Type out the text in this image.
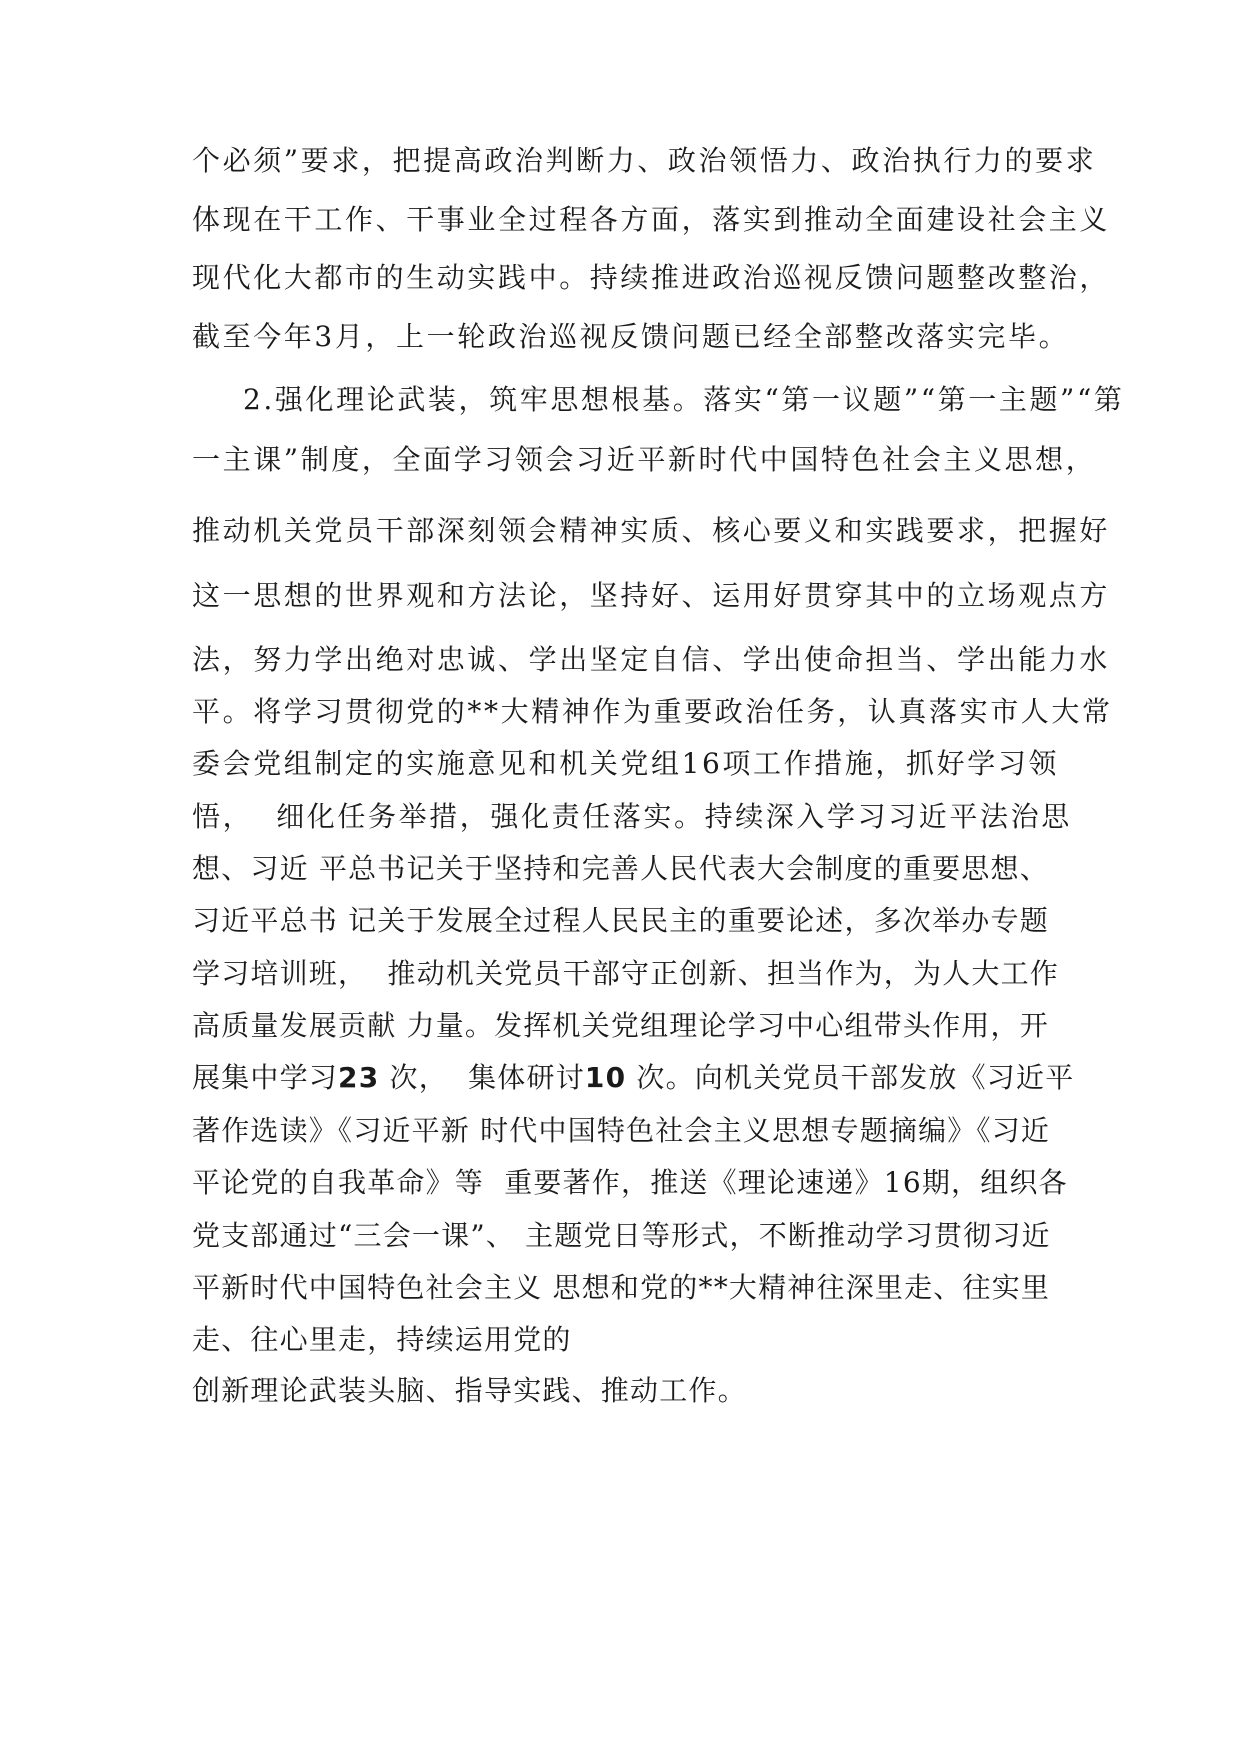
个必须”要求，把提高政治判断力、政治领悟力、政治执行力的要求

体现在干工作、干事业全过程各方面，落实到推动全面建设社会主义

现代化大都市的生动实践中。持续推进政治巡视反馈问题整改整治，

截至今年3月，上一轮政治巡视反馈问题已经全部整改落实完毕。

2.强化理论武装，筑牢思想根基。落实“第一议题”“第一主题”“第

一主课”制度，全面学习领会习近平新时代中国特色社会主义思想，

推动机关党员干部深刻领会精神实质、核心要义和实践要求，把握好

这一思想的世界观和方法论，坚持好、运用好贯穿其中的立场观点方

法，努力学出绝对忠诚、学出坚定自信、学出使命担当、学出能力水

平。将学习贯彻党的**大精神作为重要政治任务，认真落实市人大常

委会党组制定的实施意见和机关党组16项工作措施，抓好学习领

悟，  细化任务举措，强化责任落实。持续深入学习习近平法治思

想、习近 平总书记关于坚持和完善人民代表大会制度的重要思想、

习近平总书 记关于发展全过程人民民主的重要论述，多次举办专题

学习培训班，  推动机关党员干部守正创新、担当作为，为人大工作

高质量发展贡献 力量。发挥机关党组理论学习中心组带头作用，开

展集中学习23 次，  集体研讨10 次。向机关党员干部发放《习近平

著作选读》《习近平新 时代中国特色社会主义思想专题摘编》《习近

平论党的自我革命》等  重要著作，推送《理论速递》16期，组织各

党支部通过“三会一课”、 主题党日等形式，不断推动学习贯彻习近

平新时代中国特色社会主义 思想和党的**大精神往深里走、往实里

走、往心里走，持续运用党的

创新理论武装头脑、指导实践、推动工作。
